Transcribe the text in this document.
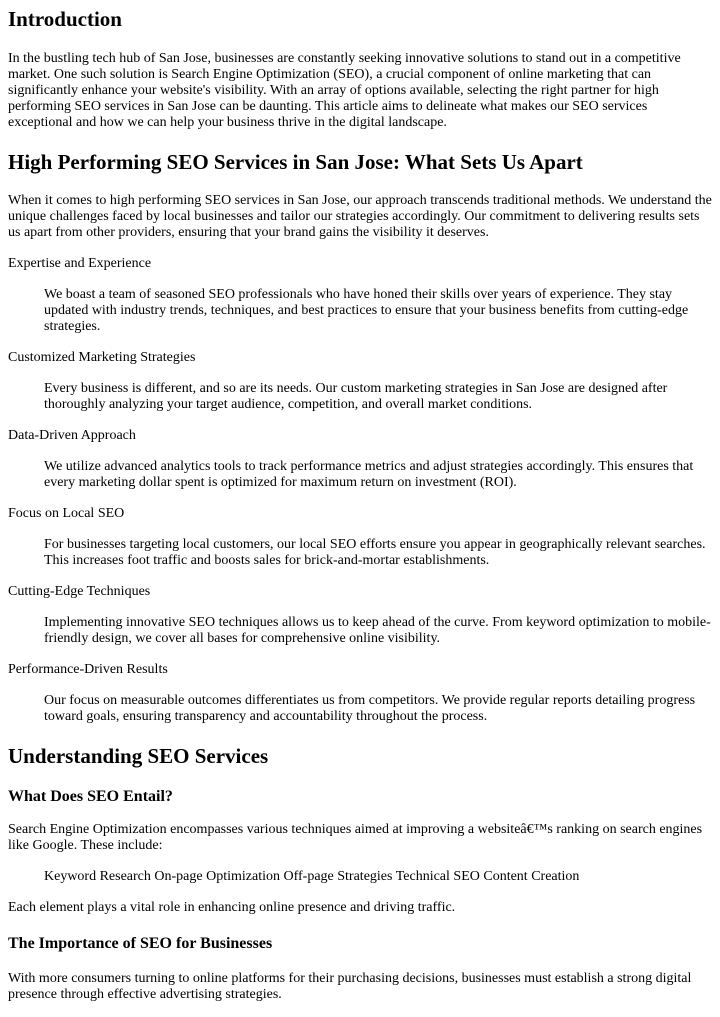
Introduction

In the bustling tech hub of San Jose, businesses are constantly seeking innovative solutions to stand out in a competitive market. One such solution is Search Engine Optimization (SEO), a crucial component of online marketing that can significantly enhance your website's visibility. With an array of options available, selecting the right partner for high performing SEO services in San Jose can be daunting. This article aims to delineate what makes our SEO services exceptional and how we can help your business thrive in the digital landscape.

High Performing SEO Services in San Jose: What Sets Us Apart

When it comes to high performing SEO services in San Jose, our approach transcends traditional methods. We understand the unique challenges faced by local businesses and tailor our strategies accordingly. Our commitment to delivering results sets us apart from other providers, ensuring that your brand gains the visibility it deserves.

Expertise and Experience
We boast a team of seasoned SEO professionals who have honed their skills over years of experience. They stay updated with industry trends, techniques, and best practices to ensure that your business benefits from cutting-edge strategies.
Customized Marketing Strategies
Every business is different, and so are its needs. Our custom marketing strategies in San Jose are designed after thoroughly analyzing your target audience, competition, and overall market conditions.
Data-Driven Approach
We utilize advanced analytics tools to track performance metrics and adjust strategies accordingly. This ensures that every marketing dollar spent is optimized for maximum return on investment (ROI).
Focus on Local SEO
For businesses targeting local customers, our local SEO efforts ensure you appear in geographically relevant searches. This increases foot traffic and boosts sales for brick-and-mortar establishments.
Cutting-Edge Techniques
Implementing innovative SEO techniques allows us to keep ahead of the curve. From keyword optimization to mobile-friendly design, we cover all bases for comprehensive online visibility.
Performance-Driven Results
Our focus on measurable outcomes differentiates us from competitors. We provide regular reports detailing progress toward goals, ensuring transparency and accountability throughout the process.
Understanding SEO Services
What Does SEO Entail?

Search Engine Optimization encompasses various techniques aimed at improving a websiteâ€™s ranking on search engines like Google. These include:

Keyword Research On-page Optimization Off-page Strategies Technical SEO Content Creation

Each element plays a vital role in enhancing online presence and driving traffic.

The Importance of SEO for Businesses

With more consumers turning to online platforms for their purchasing decisions, businesses must establish a strong digital presence through effective advertising strategies.
